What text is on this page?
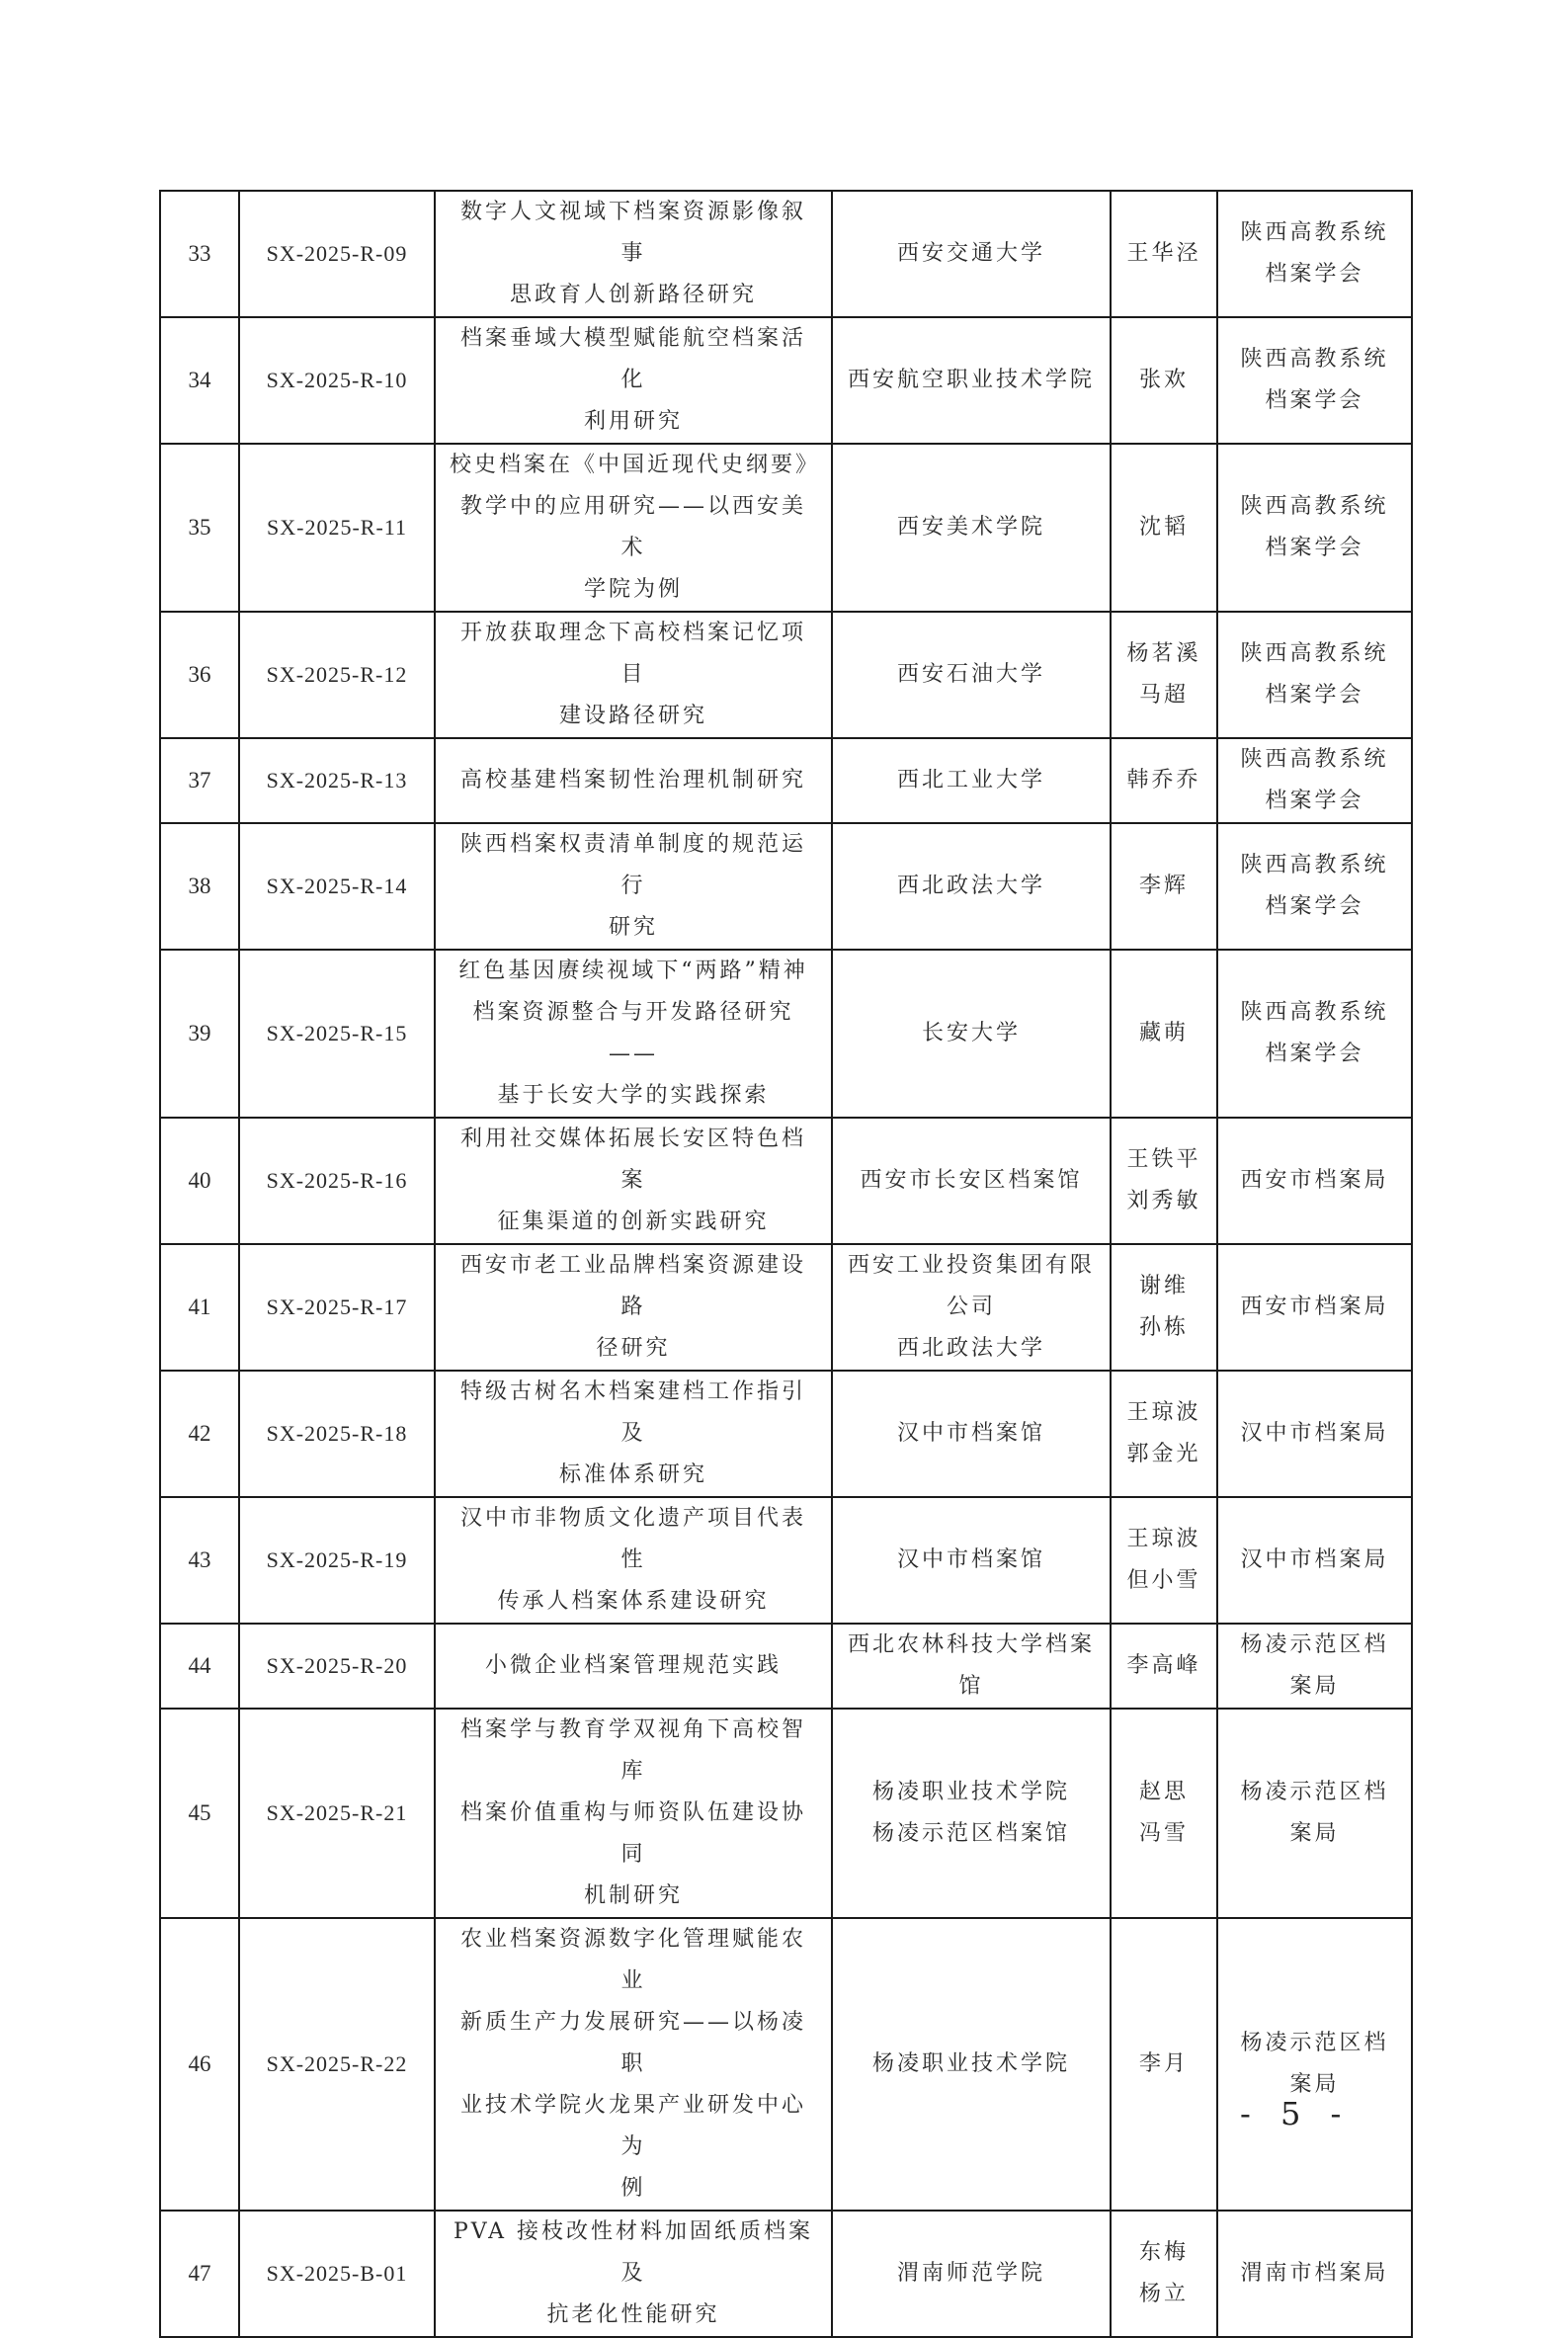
33	SX-2025-R-09	数字人文视域下档案资源影像叙事
思政育人创新路径研究	西安交通大学	王华泾	陕西高教系统
档案学会

34	SX-2025-R-10	档案垂域大模型赋能航空档案活化
利用研究	西安航空职业技术学院	张欢	陕西高教系统
档案学会

35	SX-2025-R-11	校史档案在《中国近现代史纲要》
教学中的应用研究——以西安美术
学院为例	西安美术学院	沈韬	陕西高教系统
档案学会

36	SX-2025-R-12	开放获取理念下高校档案记忆项目
建设路径研究	西安石油大学	杨茗溪
马超	陕西高教系统
档案学会

37	SX-2025-R-13	高校基建档案韧性治理机制研究	西北工业大学	韩乔乔	陕西高教系统
档案学会

38	SX-2025-R-14	陕西档案权责清单制度的规范运行
研究	西北政法大学	李辉	陕西高教系统
档案学会

39	SX-2025-R-15	红色基因赓续视域下“两路”精神
档案资源整合与开发路径研究——
基于长安大学的实践探索	长安大学	藏萌	陕西高教系统
档案学会

40	SX-2025-R-16	利用社交媒体拓展长安区特色档案
征集渠道的创新实践研究	西安市长安区档案馆	王铁平
刘秀敏	西安市档案局

41	SX-2025-R-17	西安市老工业品牌档案资源建设路
径研究	西安工业投资集团有限
公司
西北政法大学	谢维
孙栋	西安市档案局

42	SX-2025-R-18	特级古树名木档案建档工作指引及
标准体系研究	汉中市档案馆	王琼波
郭金光	汉中市档案局

43	SX-2025-R-19	汉中市非物质文化遗产项目代表性
传承人档案体系建设研究	汉中市档案馆	王琼波
但小雪	汉中市档案局

44	SX-2025-R-20	小微企业档案管理规范实践	西北农林科技大学档案
馆	李高峰	杨凌示范区档
案局

45	SX-2025-R-21	档案学与教育学双视角下高校智库
档案价值重构与师资队伍建设协同
机制研究	杨凌职业技术学院
杨凌示范区档案馆	赵思
冯雪	杨凌示范区档
案局

46	SX-2025-R-22	农业档案资源数字化管理赋能农业
新质生产力发展研究——以杨凌职
业技术学院火龙果产业研发中心为
例	杨凌职业技术学院	李月	杨凌示范区档
案局

47	SX-2025-B-01	PVA 接枝改性材料加固纸质档案及
抗老化性能研究	渭南师范学院	东梅
杨立	渭南市档案局
- 5 -
